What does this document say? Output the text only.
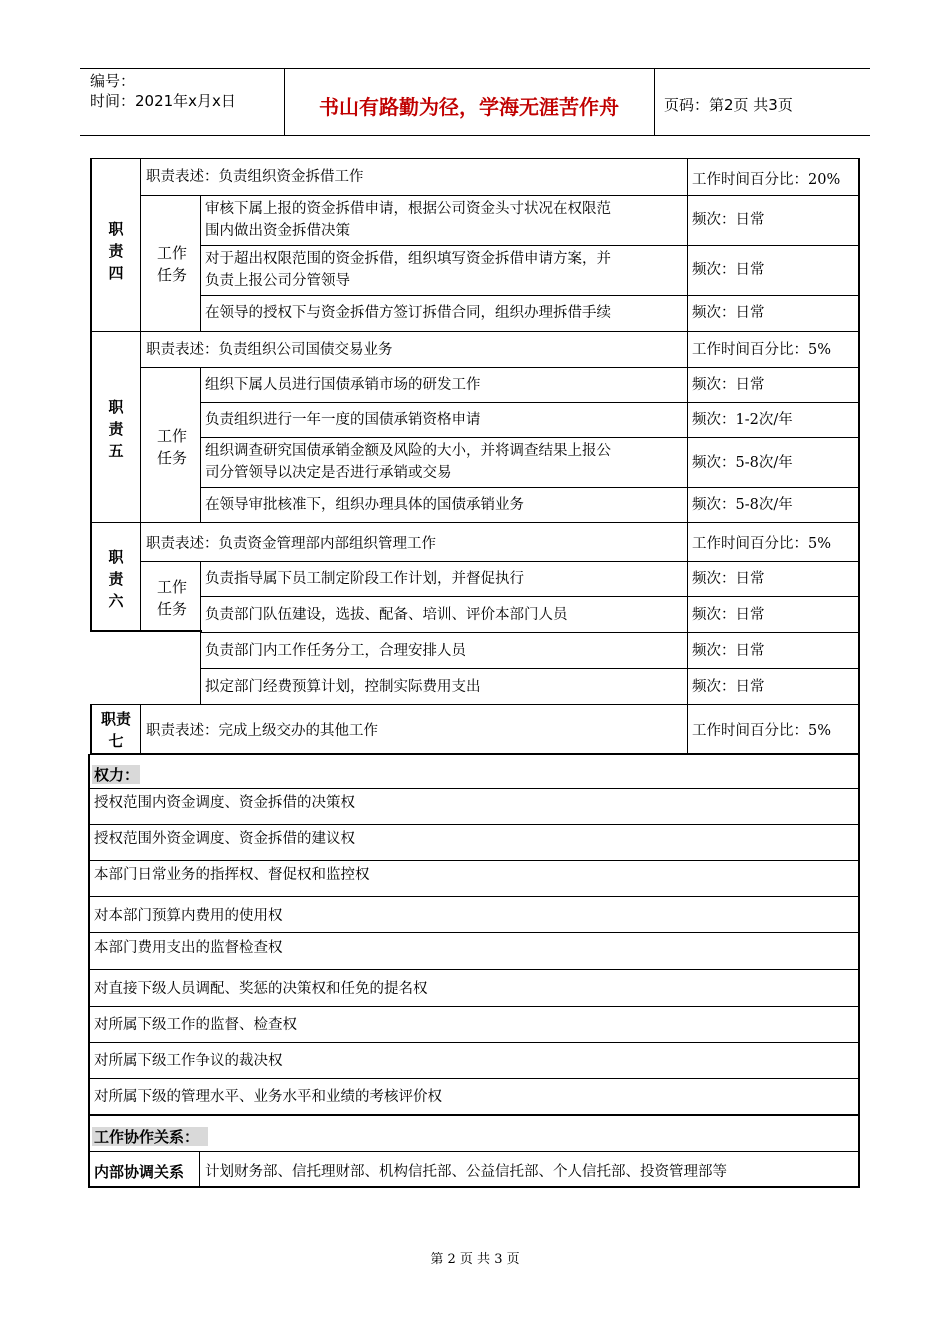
编号：
时间：2021年x月x日	书山有路勤为径，学海无涯苦作舟	页码：第2页 共3页
职责四
职责表述：负责组织资金拆借工作	工作时间百分比：20%
工作任务
审核下属上报的资金拆借申请，根据公司资金头寸状况在权限范
围内做出资金拆借决策
频次：日常
对于超出权限范围的资金拆借，组织填写资金拆借申请方案，并
负责上报公司分管领导
频次：日常
在领导的授权下与资金拆借方签订拆借合同，组织办理拆借手续	频次：日常
职责五
职责表述：负责组织公司国债交易业务	工作时间百分比：5%
工作任务
组织下属人员进行国债承销市场的研发工作	频次：日常
负责组织进行一年一度的国债承销资格申请	频次：1-2次/年
组织调查研究国债承销金额及风险的大小，并将调查结果上报公
司分管领导以决定是否进行承销或交易
频次：5-8次/年
在领导审批核准下，组织办理具体的国债承销业务	频次：5-8次/年
职责六
职责表述：负责资金管理部内部组织管理工作	工作时间百分比：5%
工作任务
负责指导属下员工制定阶段工作计划，并督促执行	频次：日常
负责部门队伍建设，选拔、配备、培训、评价本部门人员	频次：日常
负责部门内工作任务分工，合理安排人员	频次：日常
拟定部门经费预算计划，控制实际费用支出	频次：日常
职责
七
职责表述：完成上级交办的其他工作	工作时间百分比：5%
权力：
授权范围内资金调度、资金拆借的决策权
授权范围外资金调度、资金拆借的建议权
本部门日常业务的指挥权、督促权和监控权
对本部门预算内费用的使用权
本部门费用支出的监督检查权
对直接下级人员调配、奖惩的决策权和任免的提名权
对所属下级工作的监督、检查权
对所属下级工作争议的裁决权
对所属下级的管理水平、业务水平和业绩的考核评价权
工作协作关系：
内部协调关系 计划财务部、信托理财部、机构信托部、公益信托部、个人信托部、投资管理部等
第 2 页 共 3 页
